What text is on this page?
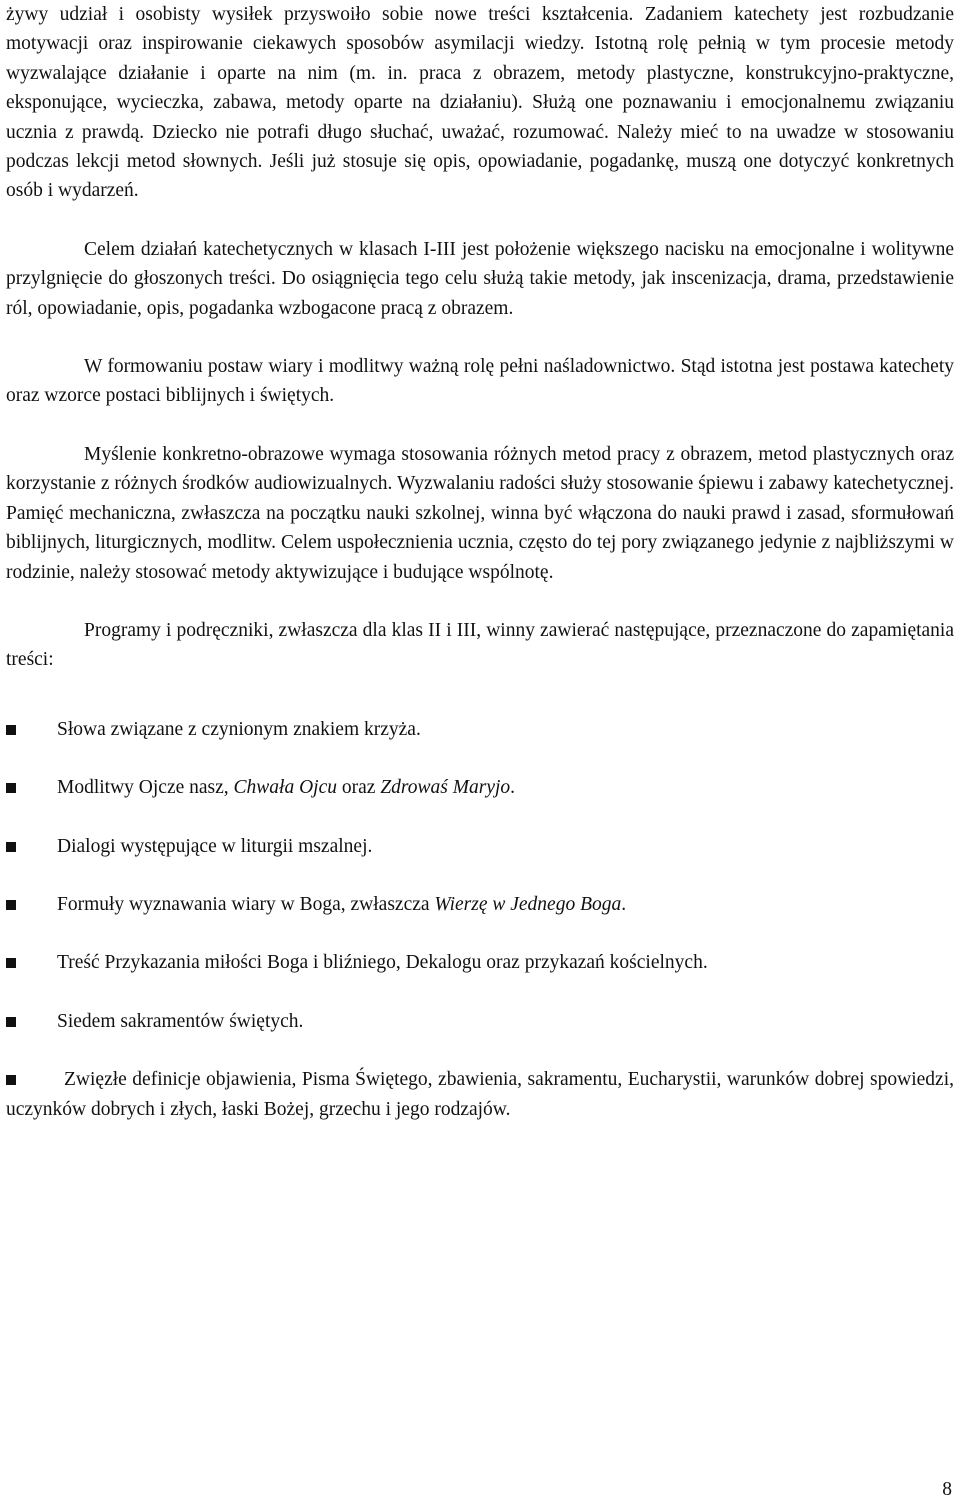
żywy udział i osobisty wysiłek przyswoiło sobie nowe treści kształcenia. Zadaniem katechety jest rozbudzanie motywacji oraz inspirowanie ciekawych sposobów asymilacji wiedzy. Istotną rolę pełnią w tym procesie metody wyzwalające działanie i oparte na nim (m. in. praca z obrazem, metody plastyczne, konstrukcyjno-praktyczne, eksponujące, wycieczka, zabawa, metody oparte na działaniu). Służą one poznawaniu i emocjonalnemu związaniu ucznia z prawdą. Dziecko nie potrafi długo słuchać, uważać, rozumować. Należy mieć to na uwadze w stosowaniu podczas lekcji metod słownych. Jeśli już stosuje się opis, opowiadanie, pogadankę, muszą one dotyczyć konkretnych osób i wydarzeń.

Celem działań katechetycznych w klasach I-III jest położenie większego nacisku na emocjonalne i wolitywne przylgnięcie do głoszonych treści. Do osiągnięcia tego celu służą takie metody, jak inscenizacja, drama, przedstawienie ról, opowiadanie, opis, pogadanka wzbogacone pracą z obrazem.

W formowaniu postaw wiary i modlitwy ważną rolę pełni naśladownictwo. Stąd istotna jest postawa katechety oraz wzorce postaci biblijnych i świętych.

Myślenie konkretno-obrazowe wymaga stosowania różnych metod pracy z obrazem, metod plastycznych oraz korzystanie z różnych środków audiowizualnych. Wyzwalaniu radości służy stosowanie śpiewu i zabawy katechetycznej. Pamięć mechaniczna, zwłaszcza na początku nauki szkolnej, winna być włączona do nauki prawd i zasad, sformułowań biblijnych, liturgicznych, modlitw. Celem uspołecznienia ucznia, często do tej pory związanego jedynie z najbliższymi w rodzinie, należy stosować metody aktywizujące i budujące wspólnotę.

Programy i podręczniki, zwłaszcza dla klas II i III, winny zawierać następujące, przeznaczone do zapamiętania treści:

Słowa związane z czynionym znakiem krzyża.
Modlitwy Ojcze nasz, Chwała Ojcu oraz Zdrowaś Maryjo.
Dialogi występujące w liturgii mszalnej.
Formuły wyznawania wiary w Boga, zwłaszcza Wierzę w Jednego Boga.
Treść Przykazania miłości Boga i bliźniego, Dekalogu oraz przykazań kościelnych.
Siedem sakramentów świętych.
Zwięzłe definicje objawienia, Pisma Świętego, zbawienia, sakramentu, Eucharystii, warunków dobrej spowiedzi, uczynków dobrych i złych, łaski Bożej, grzechu i jego rodzajów.
8
